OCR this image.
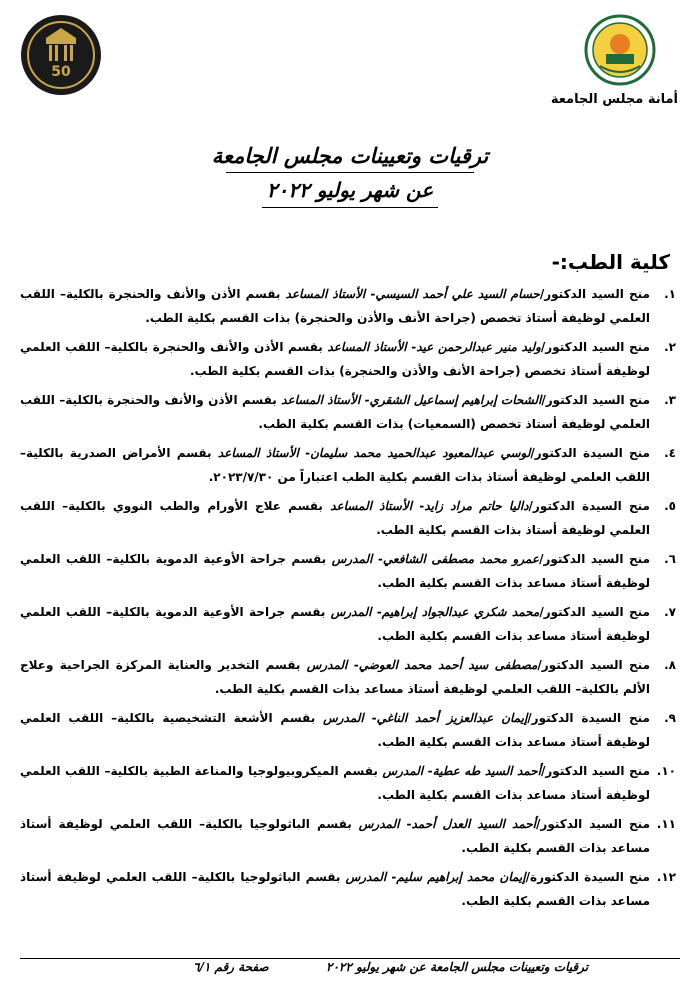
أمانة مجلس الجامعة
50
ترقيات وتعيينات مجلس الجامعة
عن شهر يوليو ٢٠٢٢
كلية الطب:-
١.
منح السيد الدكتور/حسام السيد علي أحمد السيسي- الأستاذ المساعد بقسم الأذن والأنف والحنجرة بالكلية– اللقب العلمي لوظيفة أستاذ تخصص (جراحة الأنف والأذن والحنجرة) بذات القسم بكلية الطب.
٢.
منح السيد الدكتور/وليد منير عبدالرحمن عيد- الأستاذ المساعد بقسم الأذن والأنف والحنجرة بالكلية– اللقب العلمي لوظيفة أستاذ تخصص (جراحة الأنف والأذن والحنجرة) بذات القسم بكلية الطب.
٣.
منح السيد الدكتور/الشحات إبراهيم إسماعيل الشقري- الأستاذ المساعد بقسم الأذن والأنف والحنجرة بالكلية– اللقب العلمي لوظيفة أستاذ تخصص (السمعيات) بذات القسم بكلية الطب.
٤.
منح السيدة الدكتور/لوسي عبدالمعبود عبدالحميد محمد سليمان- الأستاذ المساعد بقسم الأمراض الصدرية بالكلية– اللقب العلمي لوظيفة أستاذ بذات القسم بكلية الطب اعتباراً من ٢٠٢٣/٧/٣٠.
٥.
منح السيدة الدكتور/داليا حاتم مراد زايد- الأستاذ المساعد بقسم علاج الأورام والطب النووي بالكلية– اللقب العلمي لوظيفة أستاذ بذات القسم بكلية الطب.
٦.
منح السيد الدكتور/عمرو محمد مصطفى الشافعي- المدرس بقسم جراحة الأوعية الدموية بالكلية– اللقب العلمي لوظيفة أستاذ مساعد بذات القسم بكلية الطب.
٧.
منح السيد الدكتور/محمد شكري عبدالجواد إبراهيم- المدرس بقسم جراحة الأوعية الدموية بالكلية– اللقب العلمي لوظيفة أستاذ مساعد بذات القسم بكلية الطب.
٨.
منح السيد الدكتور/مصطفى سيد أحمد محمد العوضي- المدرس بقسم التخدير والعناية المركزة الجراحية وعلاج الألم بالكلية– اللقب العلمي لوظيفة أستاذ مساعد بذات القسم بكلية الطب.
٩.
منح السيدة الدكتور/إيمان عبدالعزيز أحمد الناغي- المدرس بقسم الأشعة التشخيصية بالكلية– اللقب العلمي لوظيفة أستاذ مساعد بذات القسم بكلية الطب.
١٠.
منح السيد الدكتور/أحمد السيد طه عطية- المدرس بقسم الميكروبيولوجيا والمناعة الطبية بالكلية– اللقب العلمي لوظيفة أستاذ مساعد بذات القسم بكلية الطب.
١١.
منح السيد الدكتور/أحمد السيد العدل أحمد- المدرس بقسم الباثولوجيا بالكلية– اللقب العلمي لوظيفة أستاذ مساعد بذات القسم بكلية الطب.
١٢.
منح السيدة الدكتورة/إيمان محمد إبراهيم سليم- المدرس بقسم الباثولوجيا بالكلية– اللقب العلمي لوظيفة أستاذ مساعد بذات القسم بكلية الطب.
ترقيات وتعيينات مجلس الجامعة عن شهر يوليو ٢٠٢٢
صفحة رقم ٦/١
